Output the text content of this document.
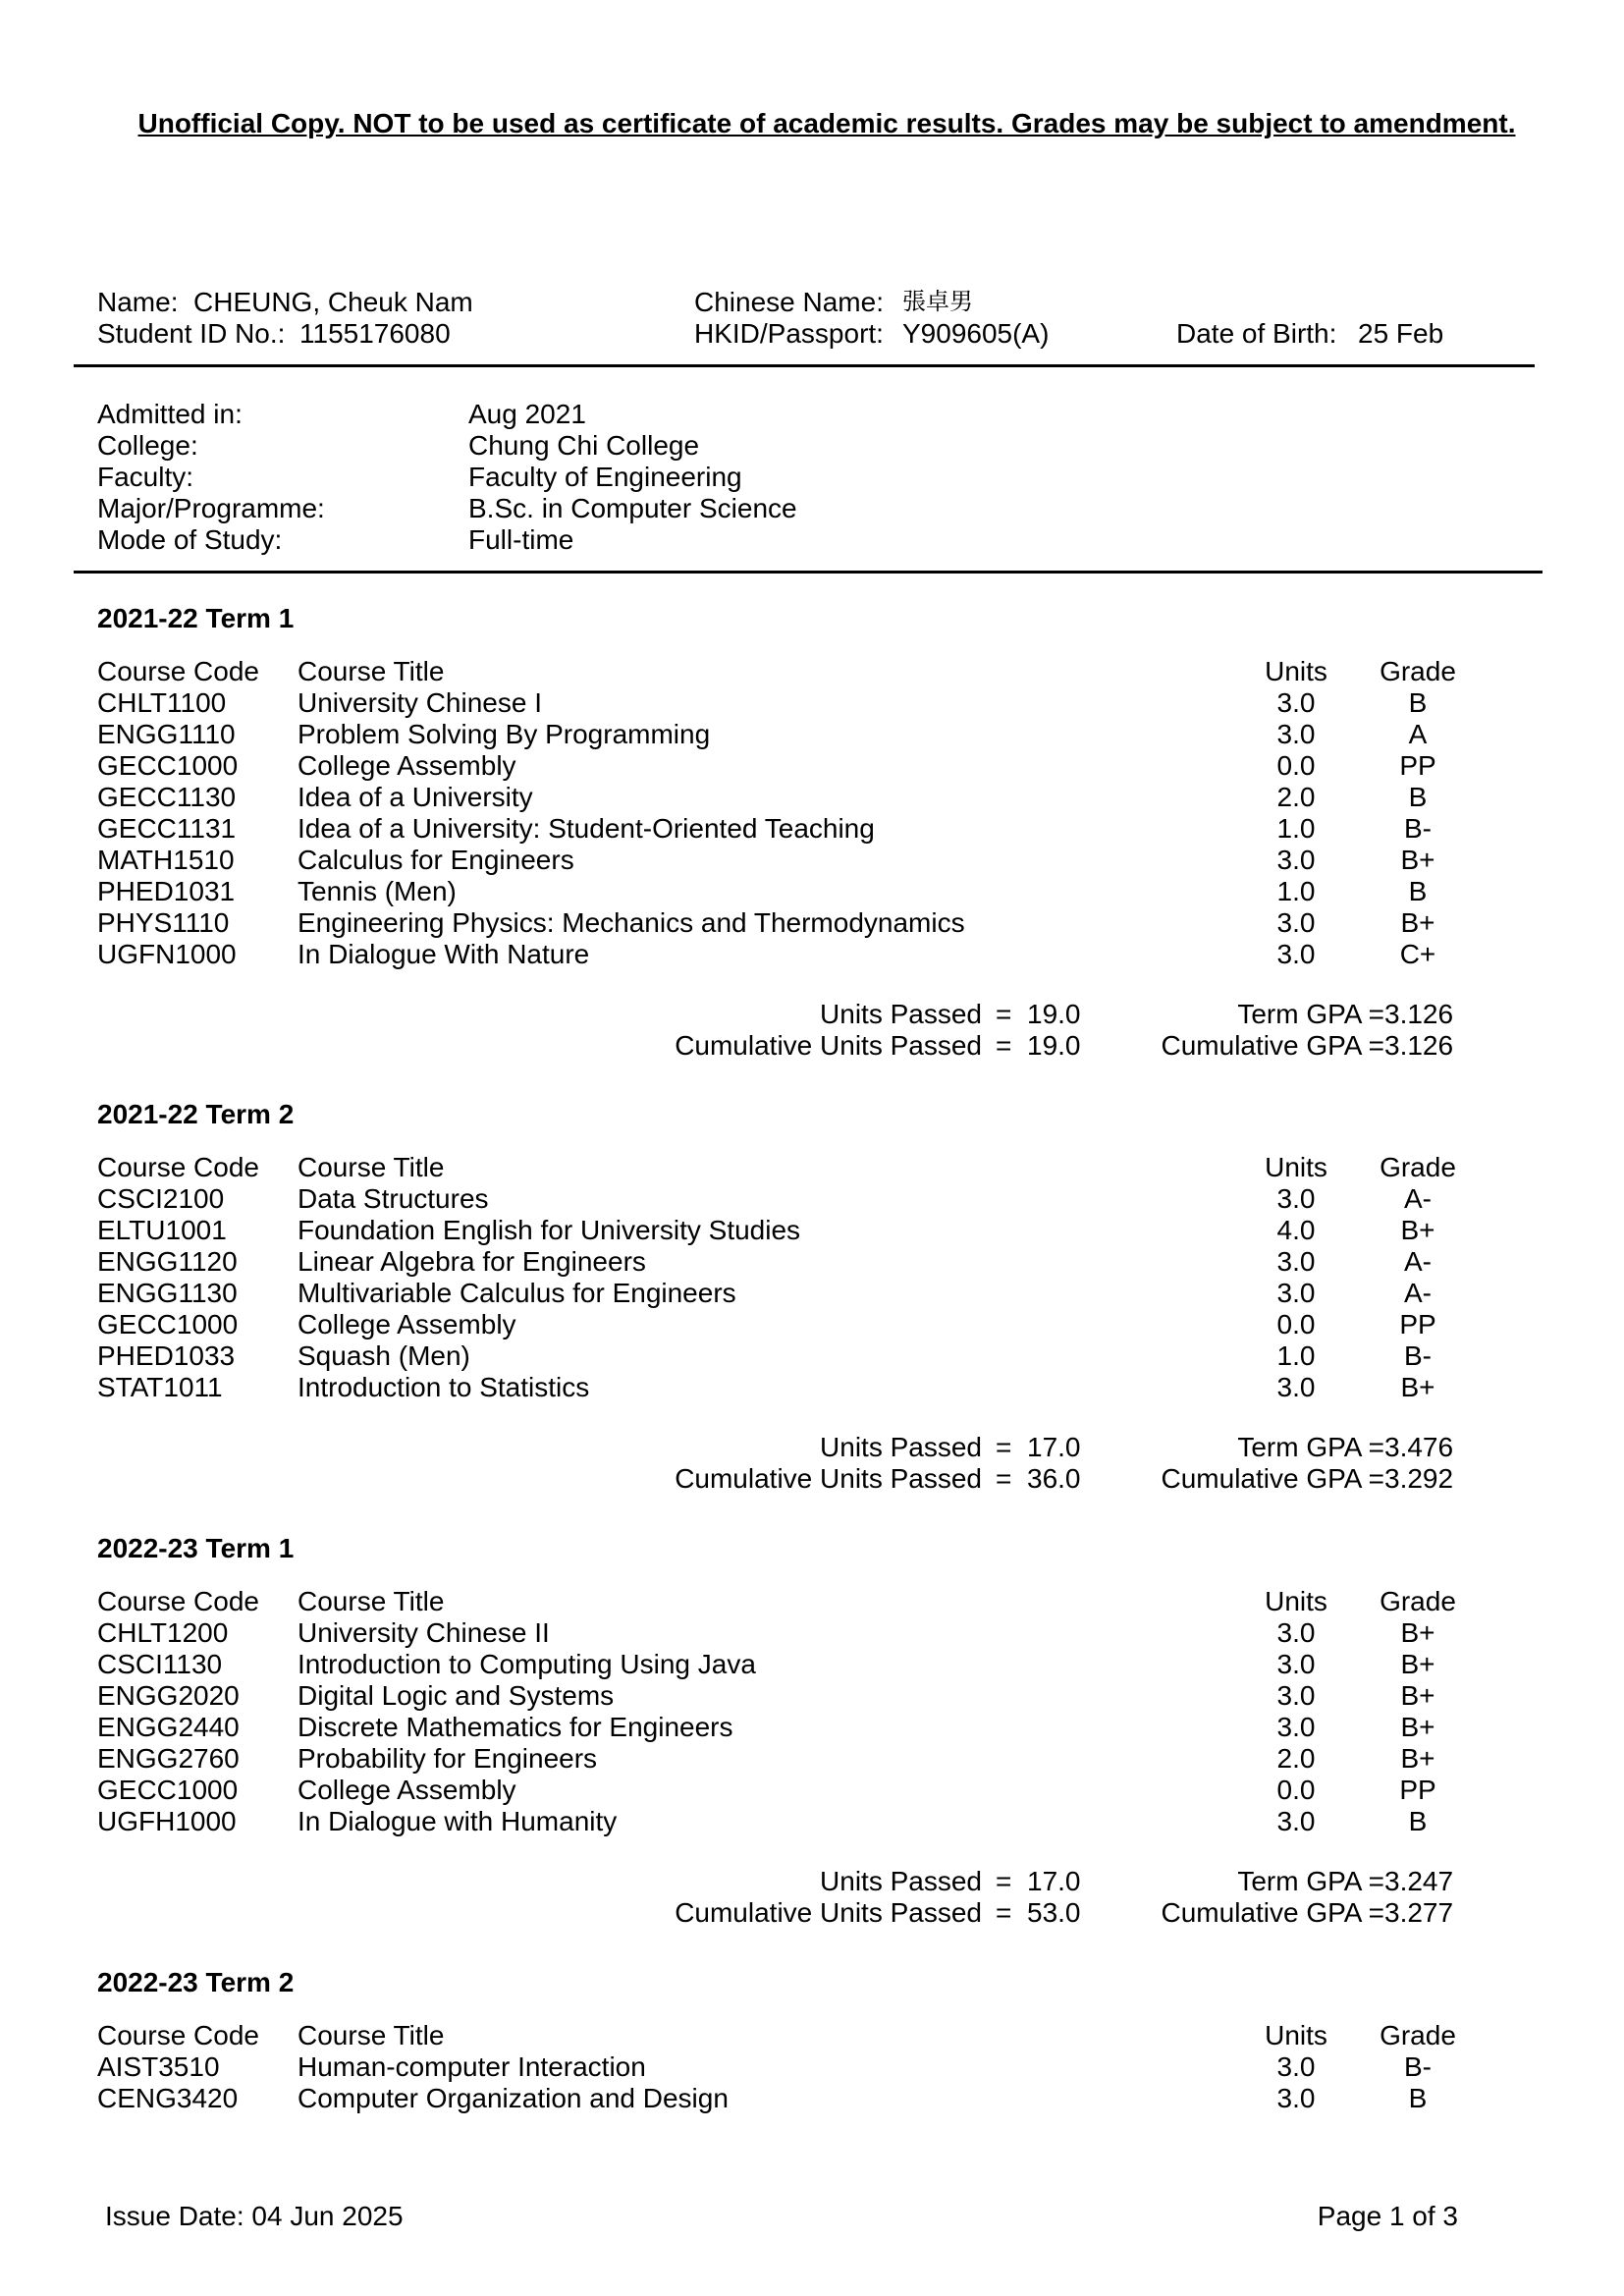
Unofficial Copy. NOT to be used as certificate of academic results. Grades may be subject to amendment.
Name: CHEUNG, Cheuk Nam
Student ID No.: 1155176080
Chinese Name: 張卓男
HKID/Passport: Y909605(A)	Date of Birth: 25 Feb
Admitted in:	Aug 2021
College:	Chung Chi College
Faculty:	Faculty of Engineering
Major/Programme:	B.Sc. in Computer Science
Mode of Study:	Full-time
2021-22 Term 1
Course Code Course Title	Units Grade
CHLT1100	University Chinese I	3.0	B
ENGG1110 Problem Solving By Programming	3.0	A
GECC1000 College Assembly	0.0	PP
GECC1130 Idea of a University	2.0	B
GECC1131 Idea of a University: Student-Oriented Teaching	1.0	B-
MATH1510 Calculus for Engineers	3.0	B+
PHED1031 Tennis (Men)	1.0	B
PHYS1110 Engineering Physics: Mechanics and Thermodynamics	3.0	B+
UGFN1000 In Dialogue With Nature	3.0	C+
Units Passed = 19.0	Term GPA = 3.126
Cumulative Units Passed = 19.0	Cumulative GPA = 3.126
2021-22 Term 2
Course Code Course Title	Units Grade
CSCI2100	Data Structures	3.0	A-
ELTU1001	Foundation English for University Studies	4.0	B+
ENGG1120 Linear Algebra for Engineers	3.0	A-
ENGG1130 Multivariable Calculus for Engineers	3.0	A-
GECC1000 College Assembly	0.0	PP
PHED1033 Squash (Men)	1.0	B-
STAT1011	Introduction to Statistics	3.0	B+
Units Passed = 17.0	Term GPA = 3.476
Cumulative Units Passed = 36.0	Cumulative GPA = 3.292
2022-23 Term 1
Course Code Course Title	Units Grade
CHLT1200	University Chinese II	3.0	B+
CSCI1130	Introduction to Computing Using Java	3.0	B+
ENGG2020 Digital Logic and Systems	3.0	B+
ENGG2440 Discrete Mathematics for Engineers	3.0	B+
ENGG2760 Probability for Engineers	2.0	B+
GECC1000 College Assembly	0.0	PP
UGFH1000 In Dialogue with Humanity	3.0	B
Units Passed = 17.0	Term GPA = 3.247
Cumulative Units Passed = 53.0	Cumulative GPA = 3.277
2022-23 Term 2
Course Code Course Title	Units Grade
AIST3510	Human-computer Interaction	3.0	B-
CENG3420 Computer Organization and Design	3.0	B
Issue Date: 04 Jun 2025	Page 1 of 3
